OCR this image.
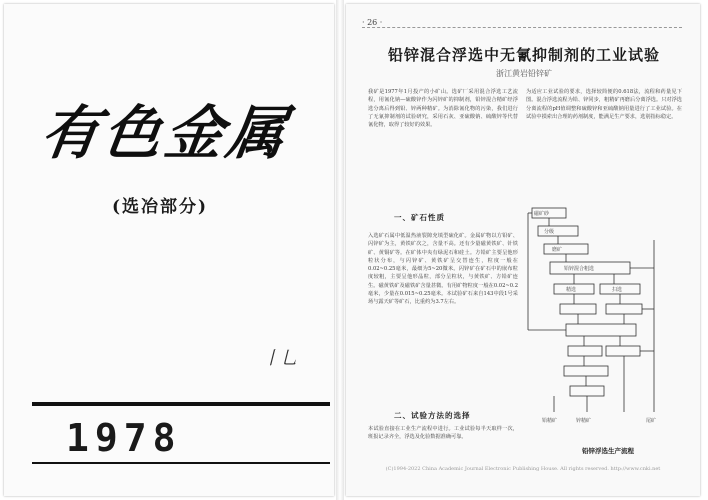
有色金属
(选冶部分)
丨乚
1978
· 26 ·
铅锌混合浮选中无氰抑制剂的工业试验
浙江黄岩铅锌矿
我矿是1977年1月投产的小矿山。选矿厂采用混合浮选工艺流程，用氰化钠—硫酸锌作为闪锌矿的抑制剂，铅锌混合精矿经浮选分离后得到铅、锌两种精矿。为消除氰化物的污染，我们进行了无氰抑制剂的试验研究，采用石灰、亚硫酸钠、硫酸锌等代替氰化物，取得了较好的效果。
为适应工业试验的要求，选择较简便的0.618法，流程和药量见下图。混合浮选流程为铅、锌同步，粗精矿再磨后分离浮选。只对浮选分离流程的pH值调整和硫酸锌和亚硫酸钠用量进行了工业试验。在试验中摸索出合理的药剂制度，能满足生产要求，选别指标稳定。
一、矿石性质
入选矿石属中低温热液裂隙充填型硫化矿。金属矿物以方铅矿、闪锌矿为主，黄铁矿次之，含量不高。还有少量磁黄铁矿、针铁矿、黄铜矿等。在矿体中央有绿泥石和硅土。方铅矿主要呈他形粒状分布，与闪锌矿、黄铁矿呈交替连生，粒度一般在0.02~0.25毫米，最细为5~20微米。闪锌矿在矿石中的嵌布粒度较粗，主要呈他形晶粒，部分呈粒状，与黄铁矿、方铅矿连生。磁黄铁矿及磁铁矿含量甚微。有用矿物粒度一般在0.02~0.2毫米，少量在0.015~0.25毫米。本试验矿石来自143中段1号采场与露天矿等矿石，比重约为3.7左右。
二、试验方法的选择
本试验直接在工业生产流程中进行。工业试验每半天取样一次，班报记录齐全，浮选及化验数据准确可靠。
磁矿砂
分级
磨矿
铅锌混合粗选
精选	扫选
铅精矿	锌精矿	尾矿
铅锌浮选生产流程
(C)1994-2022 China Academic Journal Electronic Publishing House. All rights reserved. http://www.cnki.net
